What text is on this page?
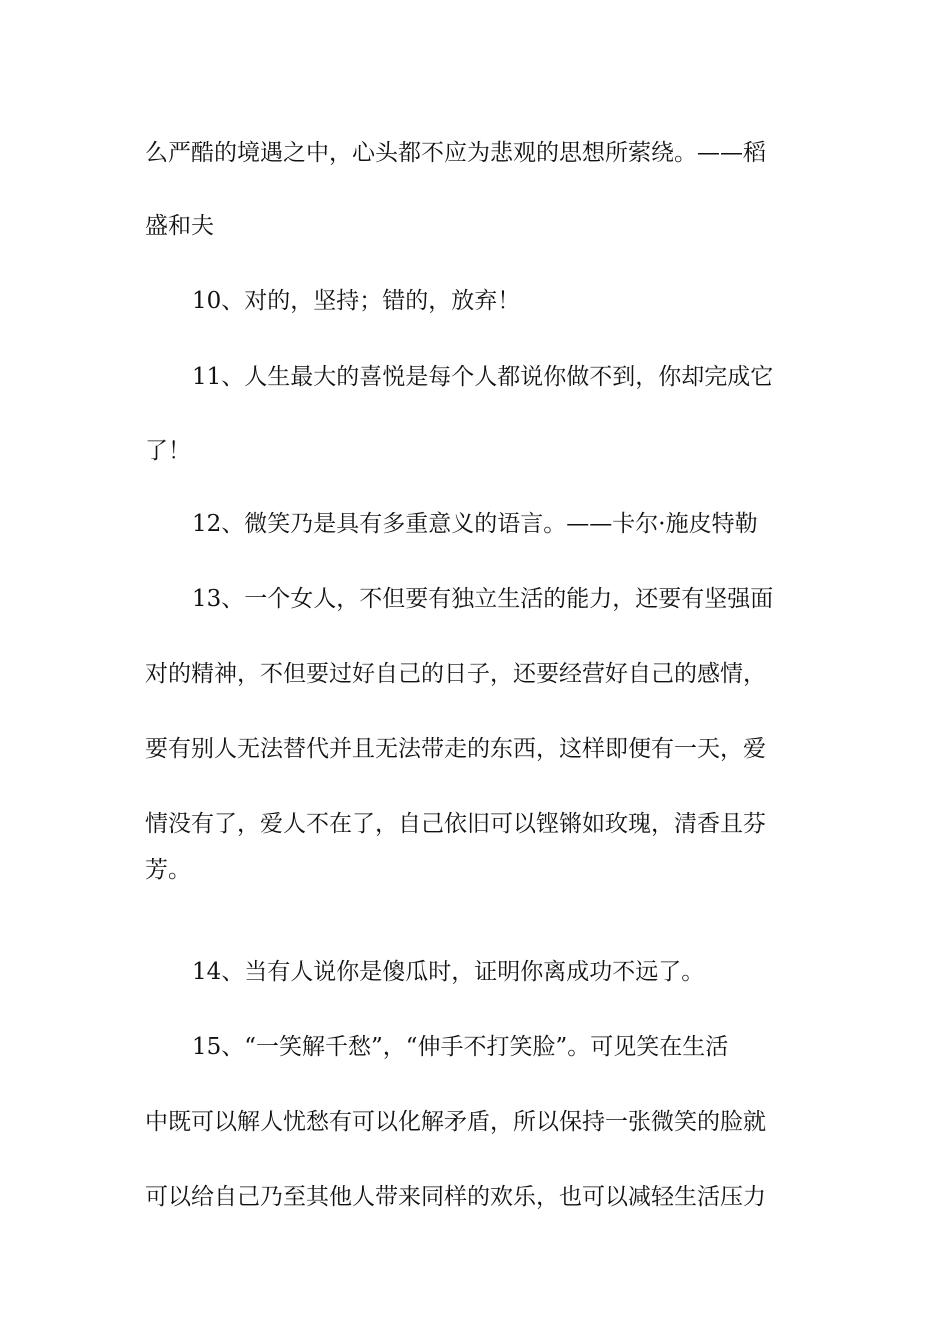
么严酷的境遇之中，心头都不应为悲观的思想所萦绕。——稻
盛和夫
10、对的，坚持；错的，放弃！
11、人生最大的喜悦是每个人都说你做不到，你却完成它
了！
12、微笑乃是具有多重意义的语言。——卡尔·施皮特勒
13、一个女人，不但要有独立生活的能力，还要有坚强面
对的精神，不但要过好自己的日子，还要经营好自己的感情，
要有别人无法替代并且无法带走的东西，这样即便有一天，爱
情没有了，爱人不在了，自己依旧可以铿锵如玫瑰，清香且芬
芳。
14、当有人说你是傻瓜时，证明你离成功不远了。
15、“一笑解千愁”，“伸手不打笑脸”。可见笑在生活
中既可以解人忧愁有可以化解矛盾，所以保持一张微笑的脸就
可以给自己乃至其他人带来同样的欢乐，也可以减轻生活压力
